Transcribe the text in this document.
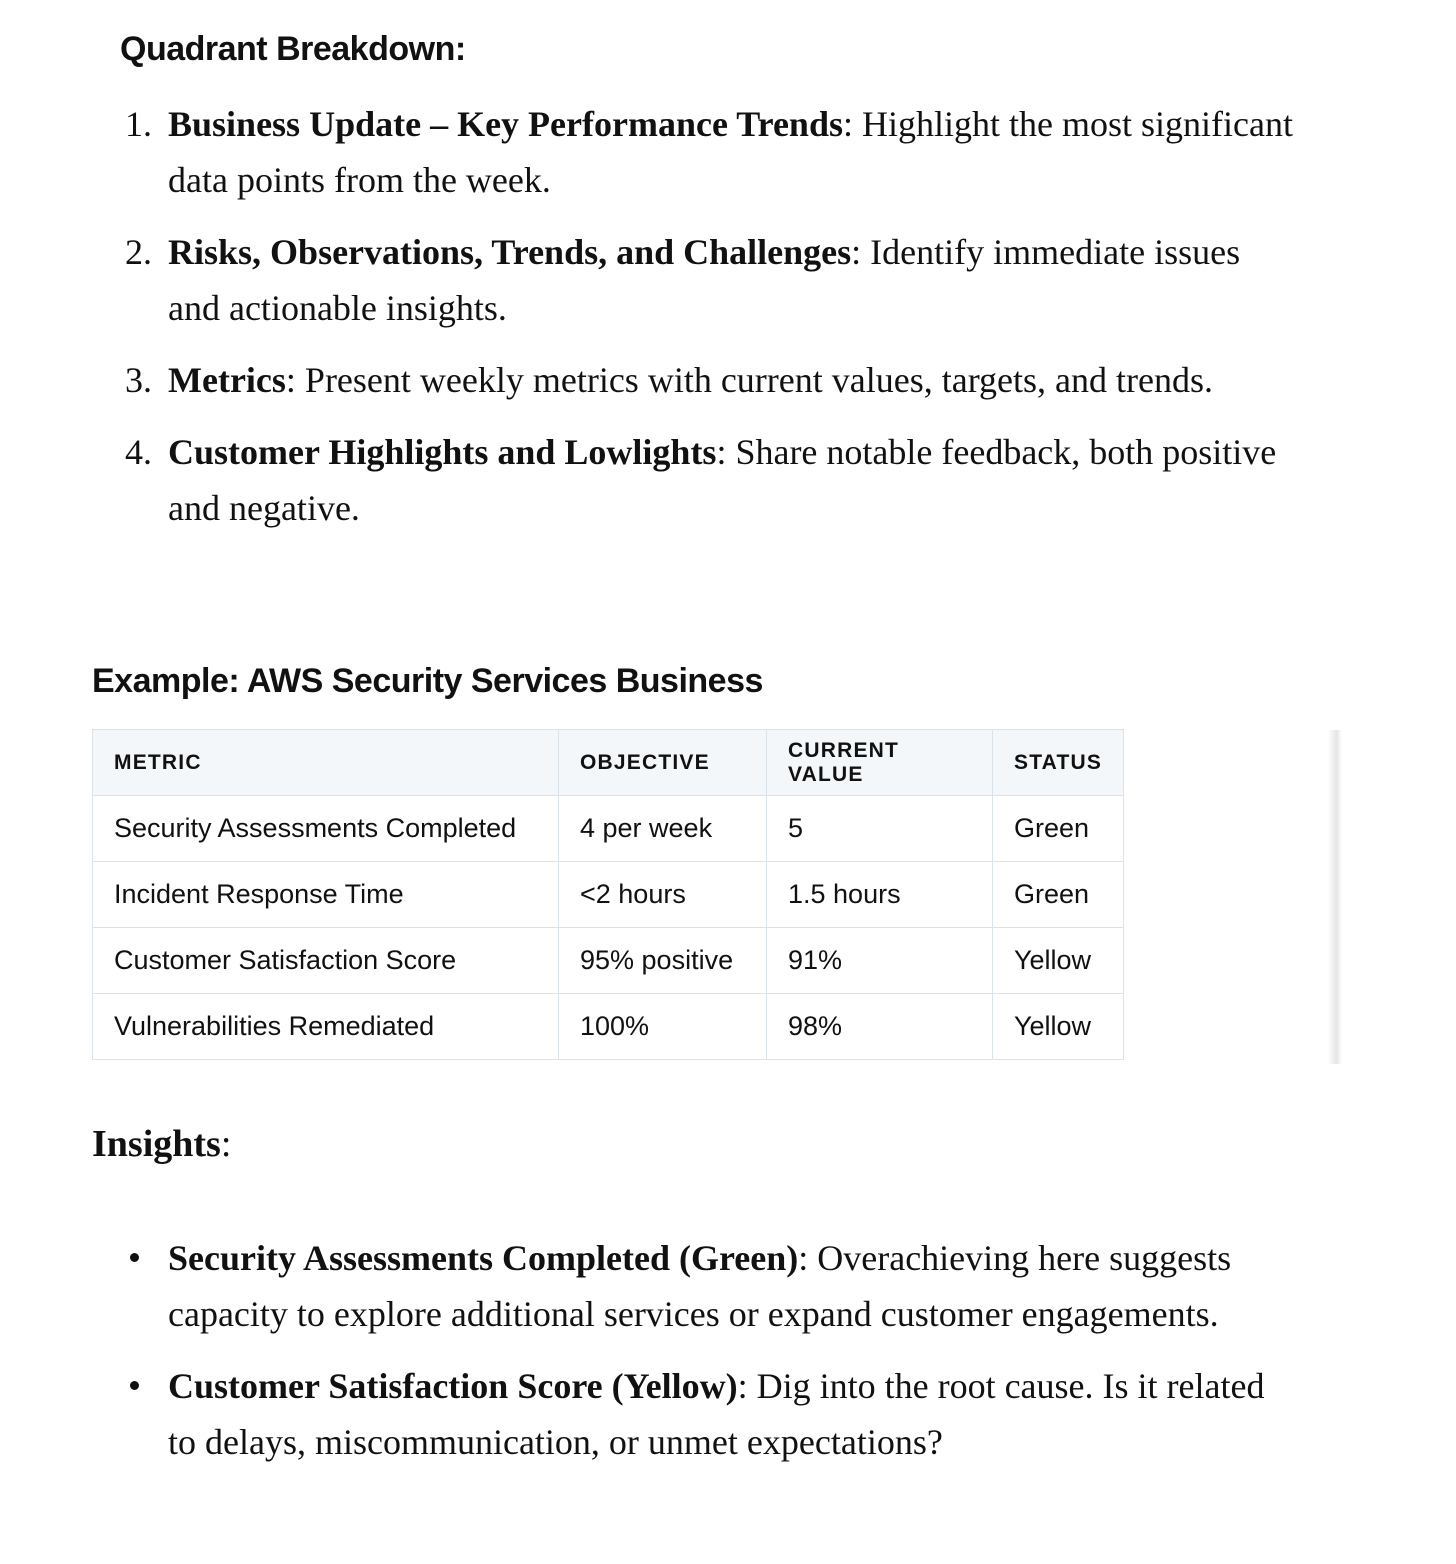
Quadrant Breakdown:
1. Business Update – Key Performance Trends: Highlight the most significant data points from the week.
2. Risks, Observations, Trends, and Challenges: Identify immediate issues and actionable insights.
3. Metrics: Present weekly metrics with current values, targets, and trends.
4. Customer Highlights and Lowlights: Share notable feedback, both positive and negative.
Example: AWS Security Services Business
METRIC	OBJECTIVE	CURRENT VALUE	STATUS
Security Assessments Completed	4 per week	5	Green
Incident Response Time	<2 hours	1.5 hours	Green
Customer Satisfaction Score	95% positive	91%	Yellow
Vulnerabilities Remediated	100%	98%	Yellow
Insights:
Security Assessments Completed (Green): Overachieving here suggests capacity to explore additional services or expand customer engagements.
Customer Satisfaction Score (Yellow): Dig into the root cause. Is it related to delays, miscommunication, or unmet expectations?
